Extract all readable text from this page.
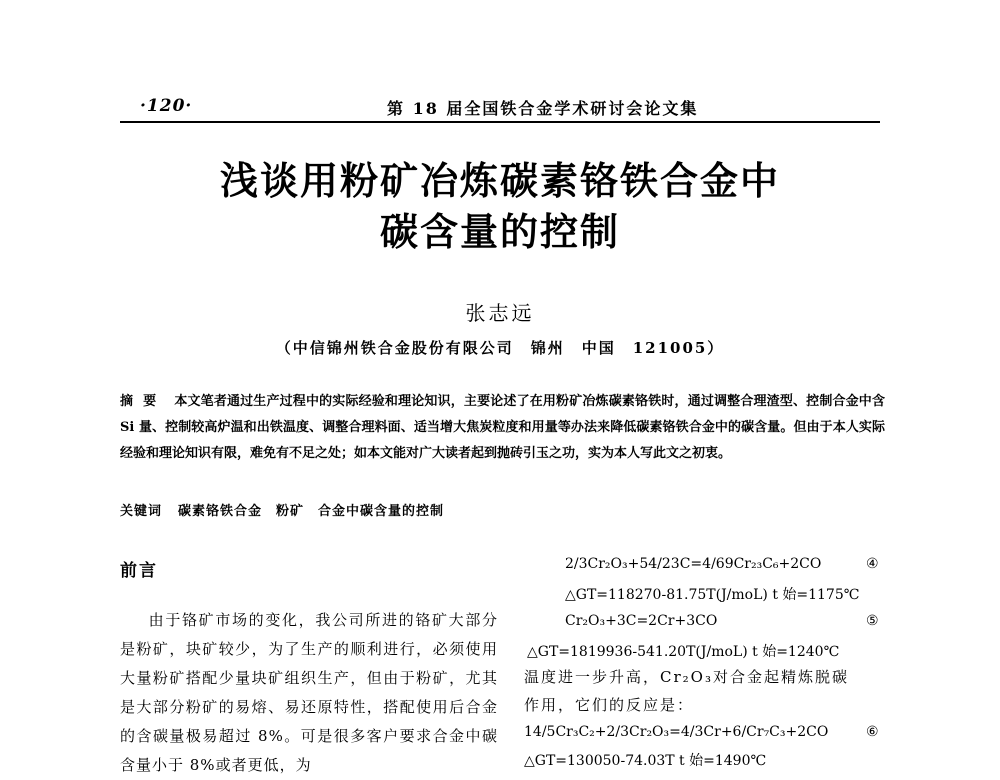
·120·	第 18 届全国铁合金学术研讨会论文集
浅谈用粉矿冶炼碳素铬铁合金中
碳含量的控制
张志远
（中信锦州铁合金股份有限公司　锦州　中国　121005）
摘要 本文笔者通过生产过程中的实际经验和理论知识，主要论述了在用粉矿冶炼碳素铬铁时，通过调整合理渣型、控制合金中含 Si 量、控制较高炉温和出铁温度、调整合理料面、适当增大焦炭粒度和用量等办法来降低碳素铬铁合金中的碳含量。但由于本人实际经验和理论知识有限，难免有不足之处；如本文能对广大读者起到抛砖引玉之功，实为本人写此文之初衷。
关键词 碳素铬铁合金　粉矿　合金中碳含量的控制
前言
由于铬矿市场的变化，我公司所进的铬矿大部分是粉矿，块矿较少，为了生产的顺利进行，必须使用大量粉矿搭配少量块矿组织生产，但由于粉矿，尤其是大部分粉矿的易熔、易还原特性，搭配使用后合金的含碳量极易超过 8%。可是很多客户要求合金中碳含量小于 8%或者更低，为
2/3Cr₂O₃+54/23C=4/69Cr₂₃C₆+2CO	④
△GT=118270-81.75T(J/moL) t 始=1175℃
Cr₂O₃+3C=2Cr+3CO	⑤
△GT=1819936-541.20T(J/moL) t 始=1240℃
温度进一步升高，Cr₂O₃对合金起精炼脱碳
作用，它们的反应是：
14/5Cr₃C₂+2/3Cr₂O₃=4/3Cr+6/Cr₇C₃+2CO	⑥
△GT=130050-74.03T t 始=1490℃
